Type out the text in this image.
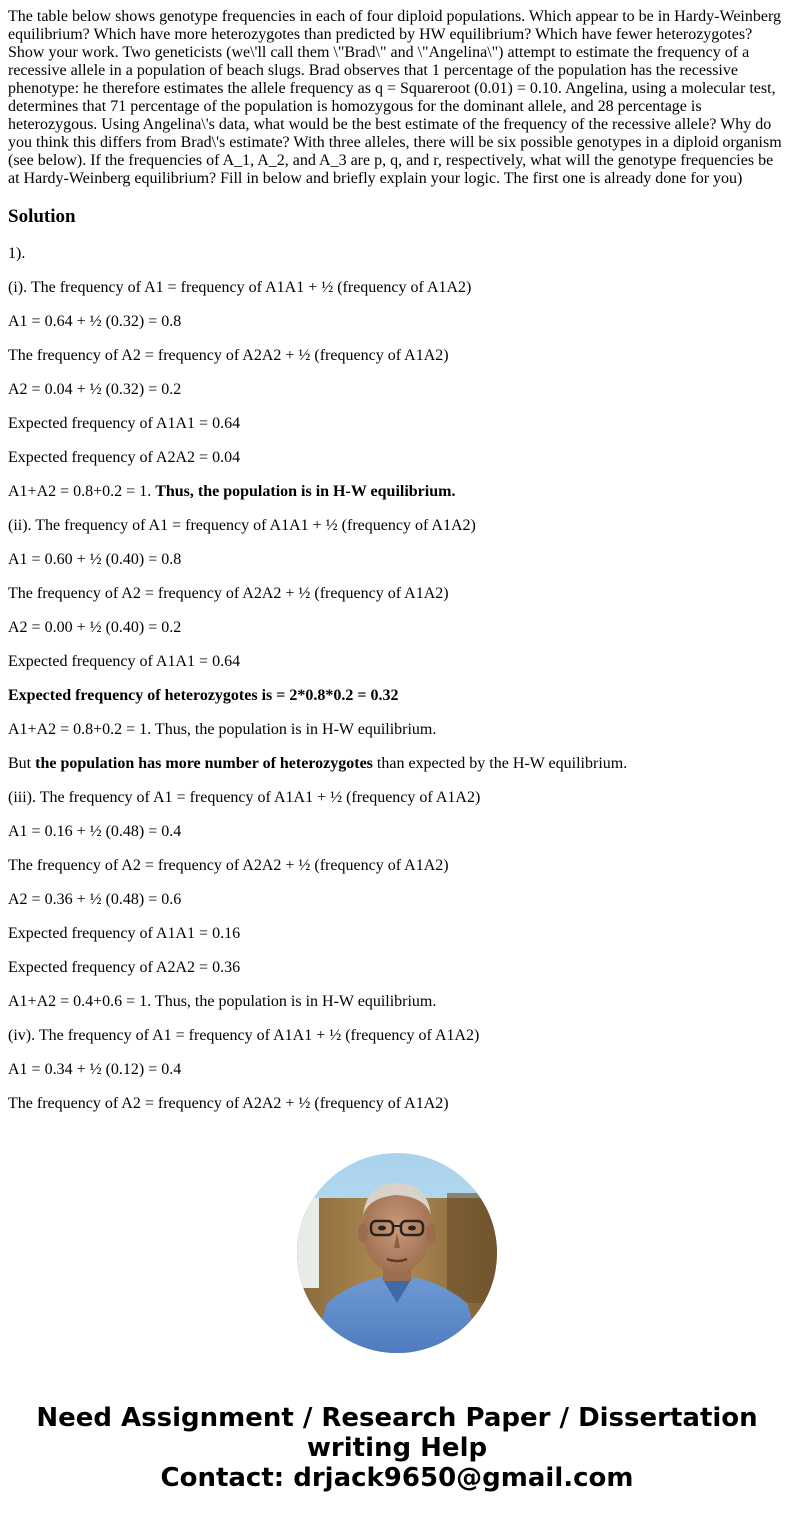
The table below shows genotype frequencies in each of four diploid populations. Which appear to be in Hardy-Weinberg equilibrium? Which have more heterozygotes than predicted by HW equilibrium? Which have fewer heterozygotes? Show your work. Two geneticists (we\'ll call them \"Brad\" and \"Angelina\") attempt to estimate the frequency of a recessive allele in a population of beach slugs. Brad observes that 1 percentage of the population has the recessive phenotype: he therefore estimates the allele frequency as q = Squareroot (0.01) = 0.10. Angelina, using a molecular test, determines that 71 percentage of the population is homozygous for the dominant allele, and 28 percentage is heterozygous. Using Angelina\'s data, what would be the best estimate of the frequency of the recessive allele? Why do you think this differs from Brad\'s estimate? With three alleles, there will be six possible genotypes in a diploid organism (see below). If the frequencies of A_1, A_2, and A_3 are p, q, and r, respectively, what will the genotype frequencies be at Hardy-Weinberg equilibrium? Fill in below and briefly explain your logic. The first one is already done for you)

Solution

1).

(i). The frequency of A1 = frequency of A1A1 + ½ (frequency of A1A2)

A1 = 0.64 + ½ (0.32) = 0.8

The frequency of A2 = frequency of A2A2 + ½ (frequency of A1A2)

A2 = 0.04 + ½ (0.32) = 0.2

Expected frequency of A1A1 = 0.64

Expected frequency of A2A2 = 0.04

A1+A2 = 0.8+0.2 = 1. Thus, the population is in H-W equilibrium.

(ii). The frequency of A1 = frequency of A1A1 + ½ (frequency of A1A2)

A1 = 0.60 + ½ (0.40) = 0.8

The frequency of A2 = frequency of A2A2 + ½ (frequency of A1A2)

A2 = 0.00 + ½ (0.40) = 0.2

Expected frequency of A1A1 = 0.64

Expected frequency of heterozygotes is = 2*0.8*0.2 = 0.32

A1+A2 = 0.8+0.2 = 1. Thus, the population is in H-W equilibrium.

But the population has more number of heterozygotes than expected by the H-W equilibrium.

(iii). The frequency of A1 = frequency of A1A1 + ½ (frequency of A1A2)

A1 = 0.16 + ½ (0.48) = 0.4

The frequency of A2 = frequency of A2A2 + ½ (frequency of A1A2)

A2 = 0.36 + ½ (0.48) = 0.6

Expected frequency of A1A1 = 0.16

Expected frequency of A2A2 = 0.36

A1+A2 = 0.4+0.6 = 1. Thus, the population is in H-W equilibrium.

(iv). The frequency of A1 = frequency of A1A1 + ½ (frequency of A1A2)

A1 = 0.34 + ½ (0.12) = 0.4

The frequency of A2 = frequency of A2A2 + ½ (frequency of A1A2)

Need Assignment / Research Paper / Dissertation
writing Help
Contact: drjack9650@gmail.com
